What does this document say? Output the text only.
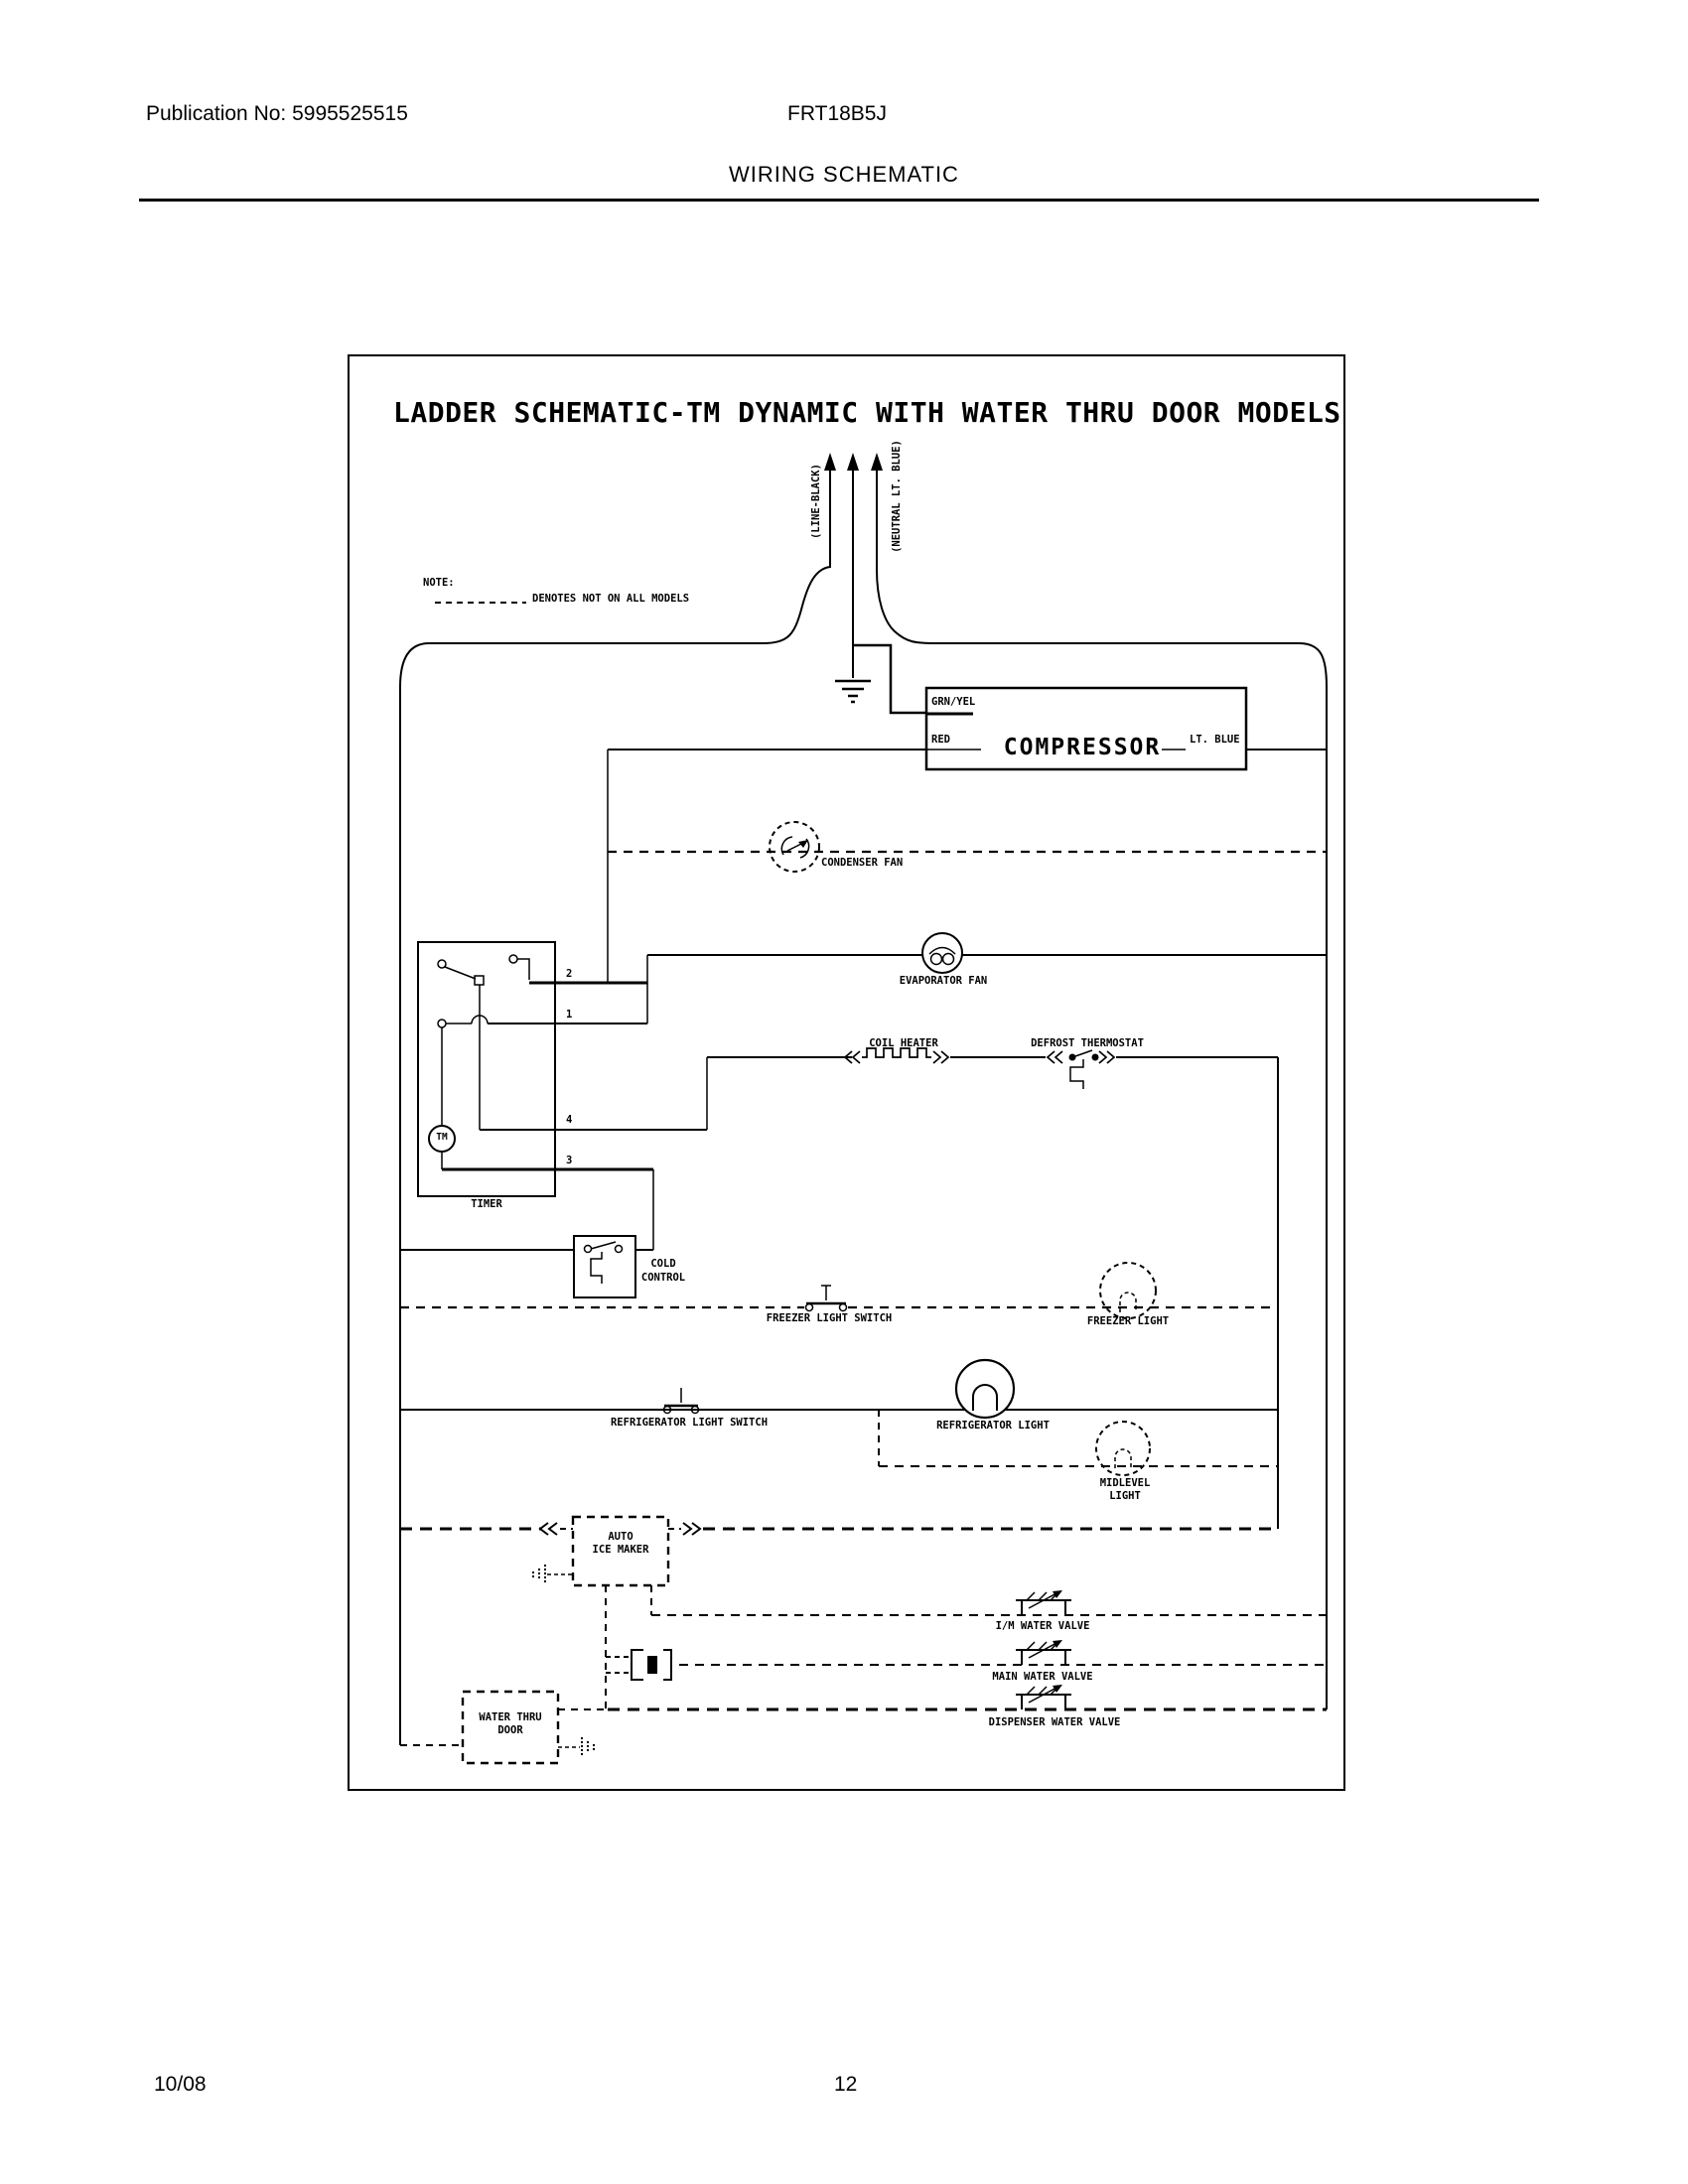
Publication No: 5995525515	FRT18B5J
WIRING SCHEMATIC
LADDER SCHEMATIC-TM DYNAMIC WITH WATER THRU DOOR MODELS
NOTE:
DENOTES NOT ON ALL MODELS
(LINE-BLACK)	(NEUTRAL LT. BLUE)
GRN/YEL
RED COMPRESSOR	LT. BLUE
CONDENSER FAN
EVAPORATOR FAN
COIL HEATER	DEFROST THERMOSTAT
2
1
4
3
TM
TIMER
COLD
CONTROL
FREEZER LIGHT SWITCH	FREEZER LIGHT
REFRIGERATOR LIGHT SWITCH	REFRIGERATOR LIGHT
MIDLEVEL
LIGHT
AUTO
ICE MAKER
I/M WATER VALVE
MAIN WATER VALVE
DISPENSER WATER VALVE
WATER THRU
DOOR
10/08	12
